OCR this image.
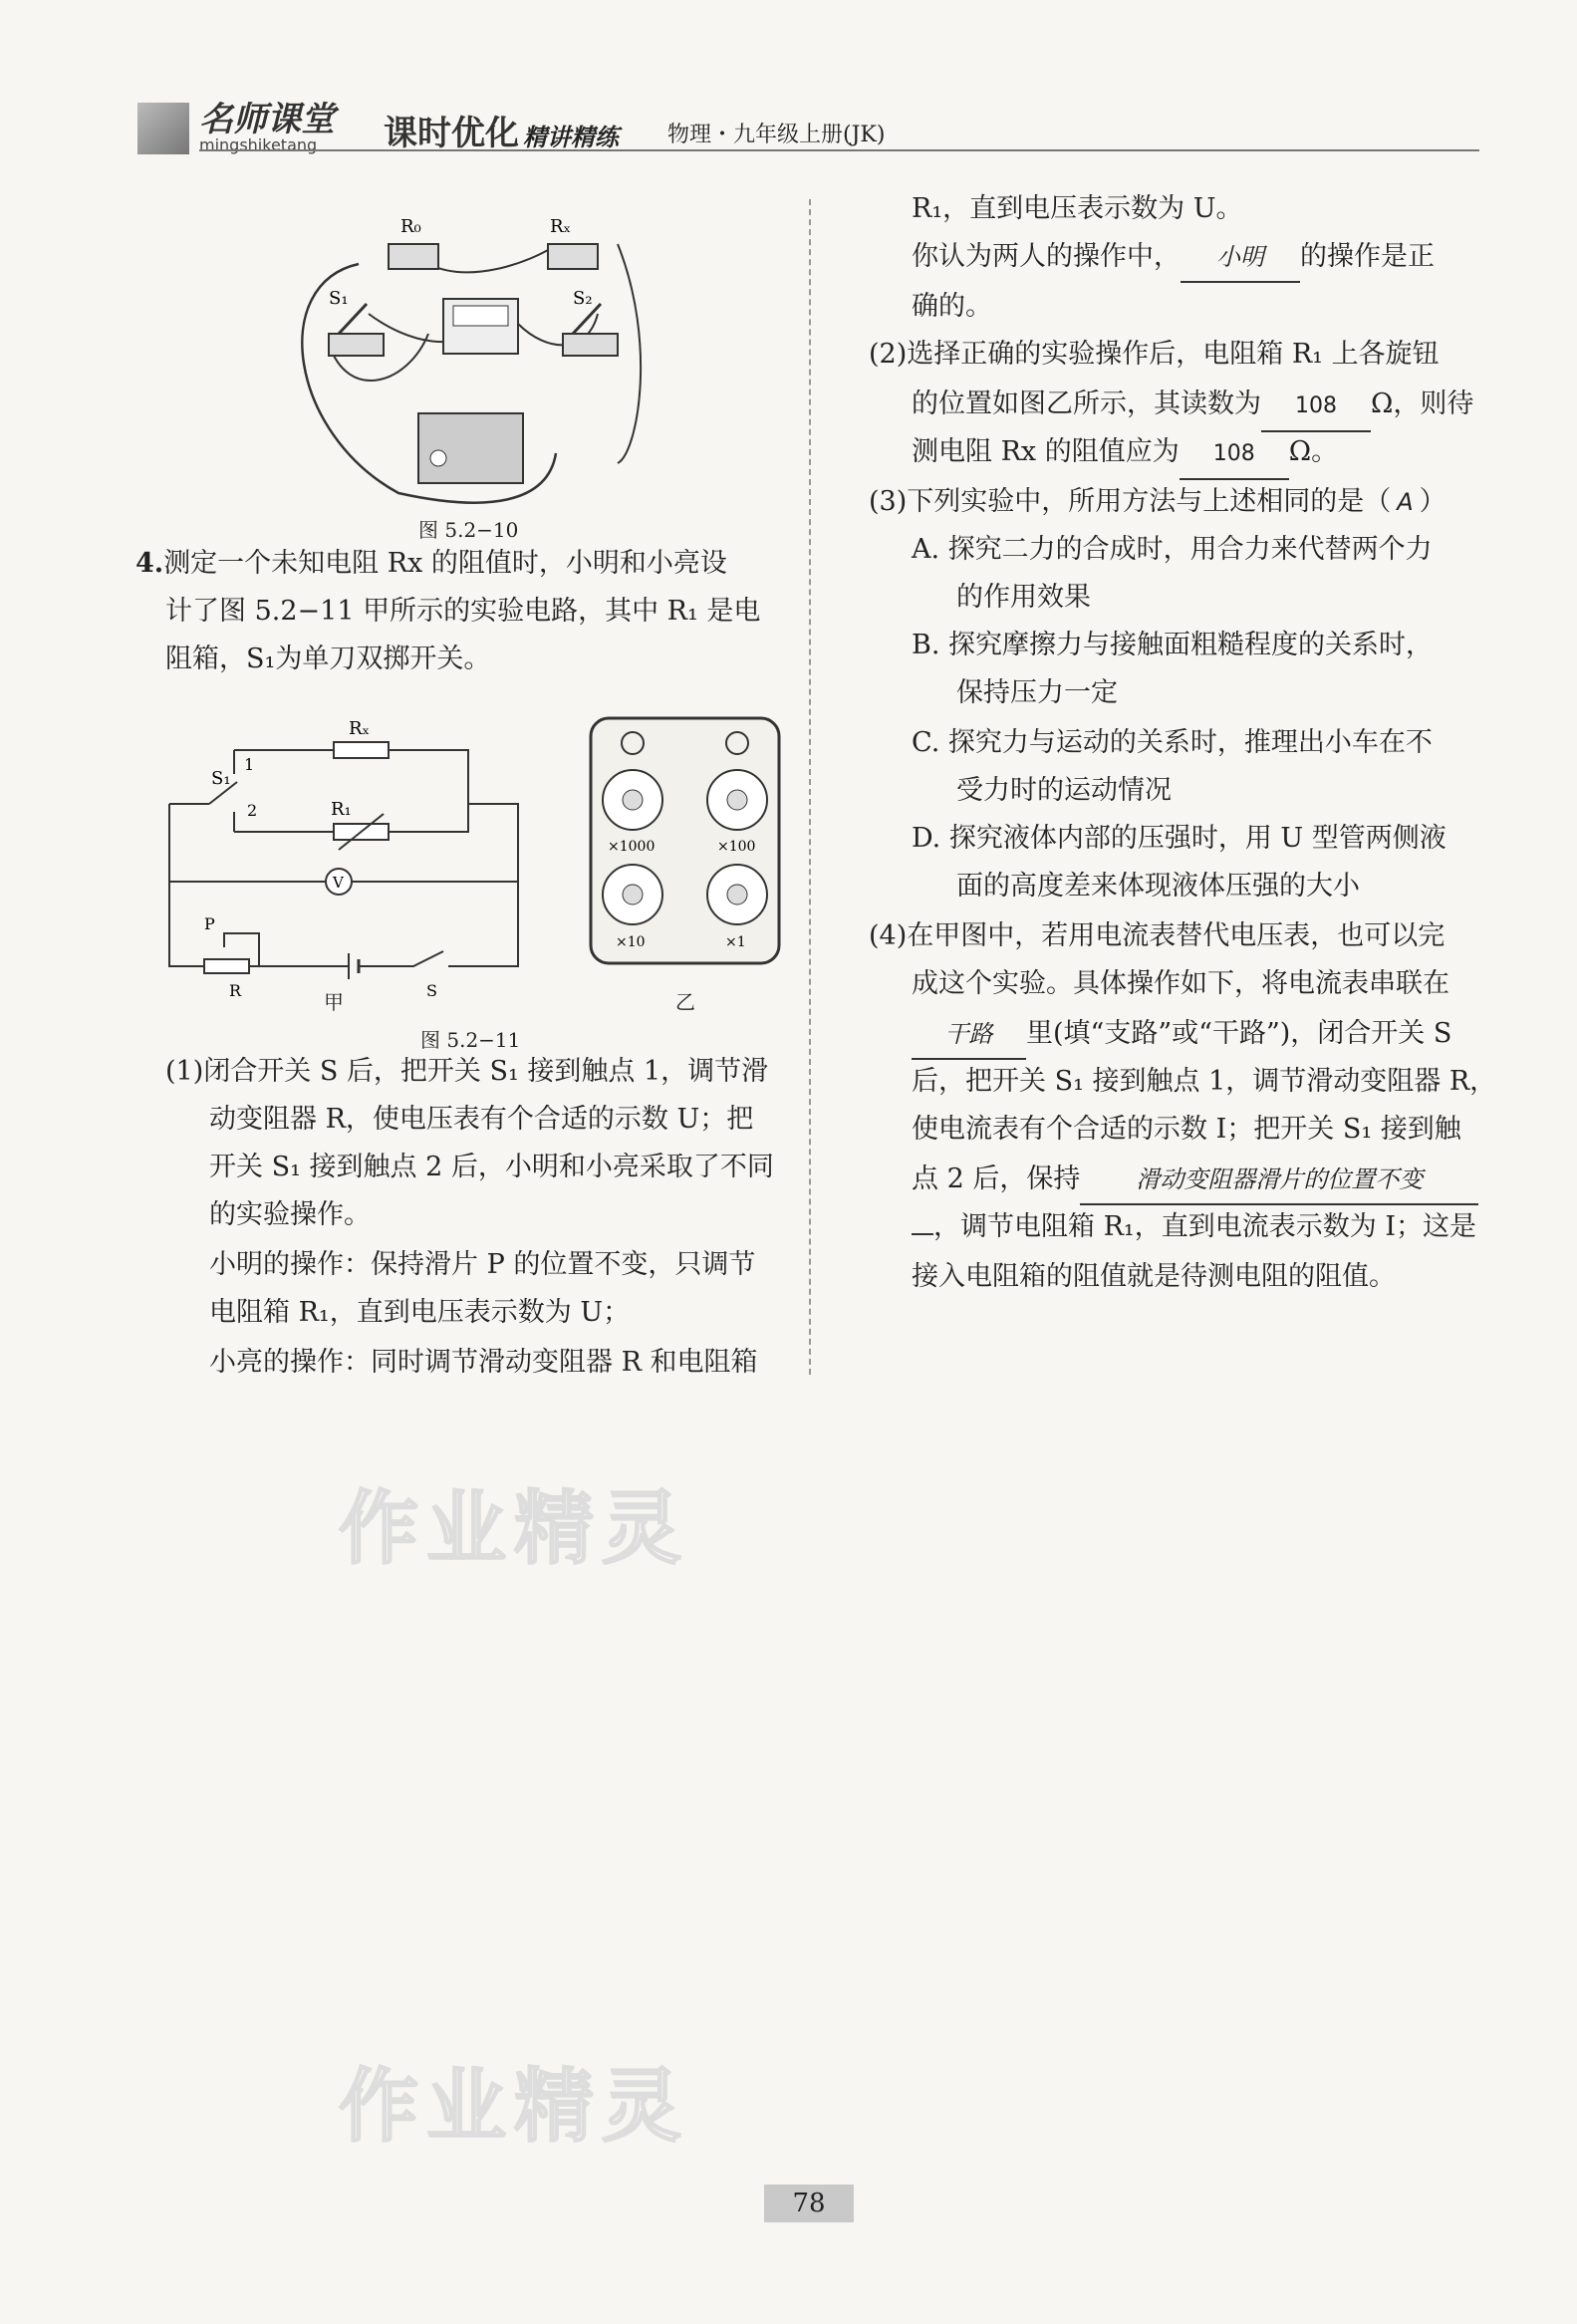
名师课堂
mingshiketang 课时优化 精讲精练 物理・九年级上册(JK)
R₀	Rₓ
S₁	S₂
图 5.2−10
4.测定一个未知电阻 Rx 的阻值时，小明和小亮设
计了图 5.2−11 甲所示的实验电路，其中 R₁ 是电
阻箱，S₁为单刀双掷开关。
Rₓ
R₁
S₁
1
2
V
P
R	S
甲
×1000	×100
×10	×1
乙
图 5.2−11
(1)闭合开关 S 后，把开关 S₁ 接到触点 1，调节滑
动变阻器 R，使电压表有个合适的示数 U；把
开关 S₁ 接到触点 2 后，小明和小亮采取了不同
的实验操作。
小明的操作：保持滑片 P 的位置不变，只调节
电阻箱 R₁，直到电压表示数为 U；
小亮的操作：同时调节滑动变阻器 R 和电阻箱
R₁，直到电压表示数为 U。
你认为两人的操作中， 小明 的操作是正
确的。
(2)选择正确的实验操作后，电阻箱 R₁ 上各旋钮
的位置如图乙所示，其读数为 108 Ω，则待
测电阻 Rx 的阻值应为 108 Ω。
(3)下列实验中，所用方法与上述相同的是（ A ）
A. 探究二力的合成时，用合力来代替两个力
的作用效果
B. 探究摩擦力与接触面粗糙程度的关系时，
保持压力一定
C. 探究力与运动的关系时，推理出小车在不
受力时的运动情况
D. 探究液体内部的压强时，用 U 型管两侧液
面的高度差来体现液体压强的大小
(4)在甲图中，若用电流表替代电压表，也可以完
成这个实验。具体操作如下，将电流表串联在
干路 里(填“支路”或“干路”)，闭合开关 S
后，把开关 S₁ 接到触点 1，调节滑动变阻器 R，
使电流表有个合适的示数 I；把开关 S₁ 接到触
点 2 后，保持 滑动变阻器滑片的位置不变
，调节电阻箱 R₁，直到电流表示数为 I；这是
接入电阻箱的阻值就是待测电阻的阻值。
作业精灵
作业精灵
78
